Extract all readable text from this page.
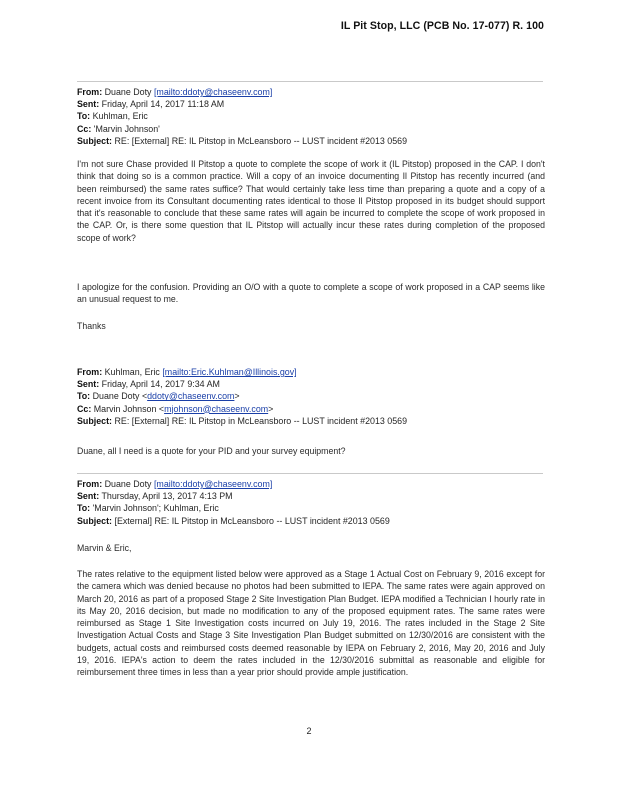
IL Pit Stop, LLC (PCB No. 17-077) R. 100
From: Duane Doty [mailto:ddoty@chaseenv.com]
Sent: Friday, April 14, 2017 11:18 AM
To: Kuhlman, Eric
Cc: 'Marvin Johnson'
Subject: RE: [External] RE: IL Pitstop in McLeansboro -- LUST incident #2013 0569
I'm not sure Chase provided Il Pitstop a quote to complete the scope of work it (IL Pitstop) proposed in the CAP. I don't think that doing so is a common practice. Will a copy of an invoice documenting Il Pitstop has recently incurred (and been reimbursed) the same rates suffice? That would certainly take less time than preparing a quote and a copy of a recent invoice from its Consultant documenting rates identical to those Il Pitstop proposed in its budget should support that it's reasonable to conclude that these same rates will again be incurred to complete the scope of work proposed in the CAP. Or, is there some question that IL Pitstop will actually incur these rates during completion of the proposed scope of work?
I apologize for the confusion. Providing an O/O with a quote to complete a scope of work proposed in a CAP seems like an unusual request to me.
Thanks
From: Kuhlman, Eric [mailto:Eric.Kuhlman@Illinois.gov]
Sent: Friday, April 14, 2017 9:34 AM
To: Duane Doty <ddoty@chaseenv.com>
Cc: Marvin Johnson <mjohnson@chaseenv.com>
Subject: RE: [External] RE: IL Pitstop in McLeansboro -- LUST incident #2013 0569
Duane, all I need is a quote for your PID and your survey equipment?
From: Duane Doty [mailto:ddoty@chaseenv.com]
Sent: Thursday, April 13, 2017 4:13 PM
To: 'Marvin Johnson'; Kuhlman, Eric
Subject: [External] RE: IL Pitstop in McLeansboro -- LUST incident #2013 0569
Marvin & Eric,
The rates relative to the equipment listed below were approved as a Stage 1 Actual Cost on February 9, 2016 except for the camera which was denied because no photos had been submitted to IEPA. The same rates were again approved on March 20, 2016 as part of a proposed Stage 2 Site Investigation Plan Budget. IEPA modified a Technician I hourly rate in its May 20, 2016 decision, but made no modification to any of the proposed equipment rates. The same rates were reimbursed as Stage 1 Site Investigation costs incurred on July 19, 2016. The rates included in the Stage 2 Site Investigation Actual Costs and Stage 3 Site Investigation Plan Budget submitted on 12/30/2016 are consistent with the budgets, actual costs and reimbursed costs deemed reasonable by IEPA on February 2, 2016, May 20, 2016 and July 19, 2016. IEPA's action to deem the rates included in the 12/30/2016 submittal as reasonable and eligible for reimbursement three times in less than a year prior should provide ample justification.
2
